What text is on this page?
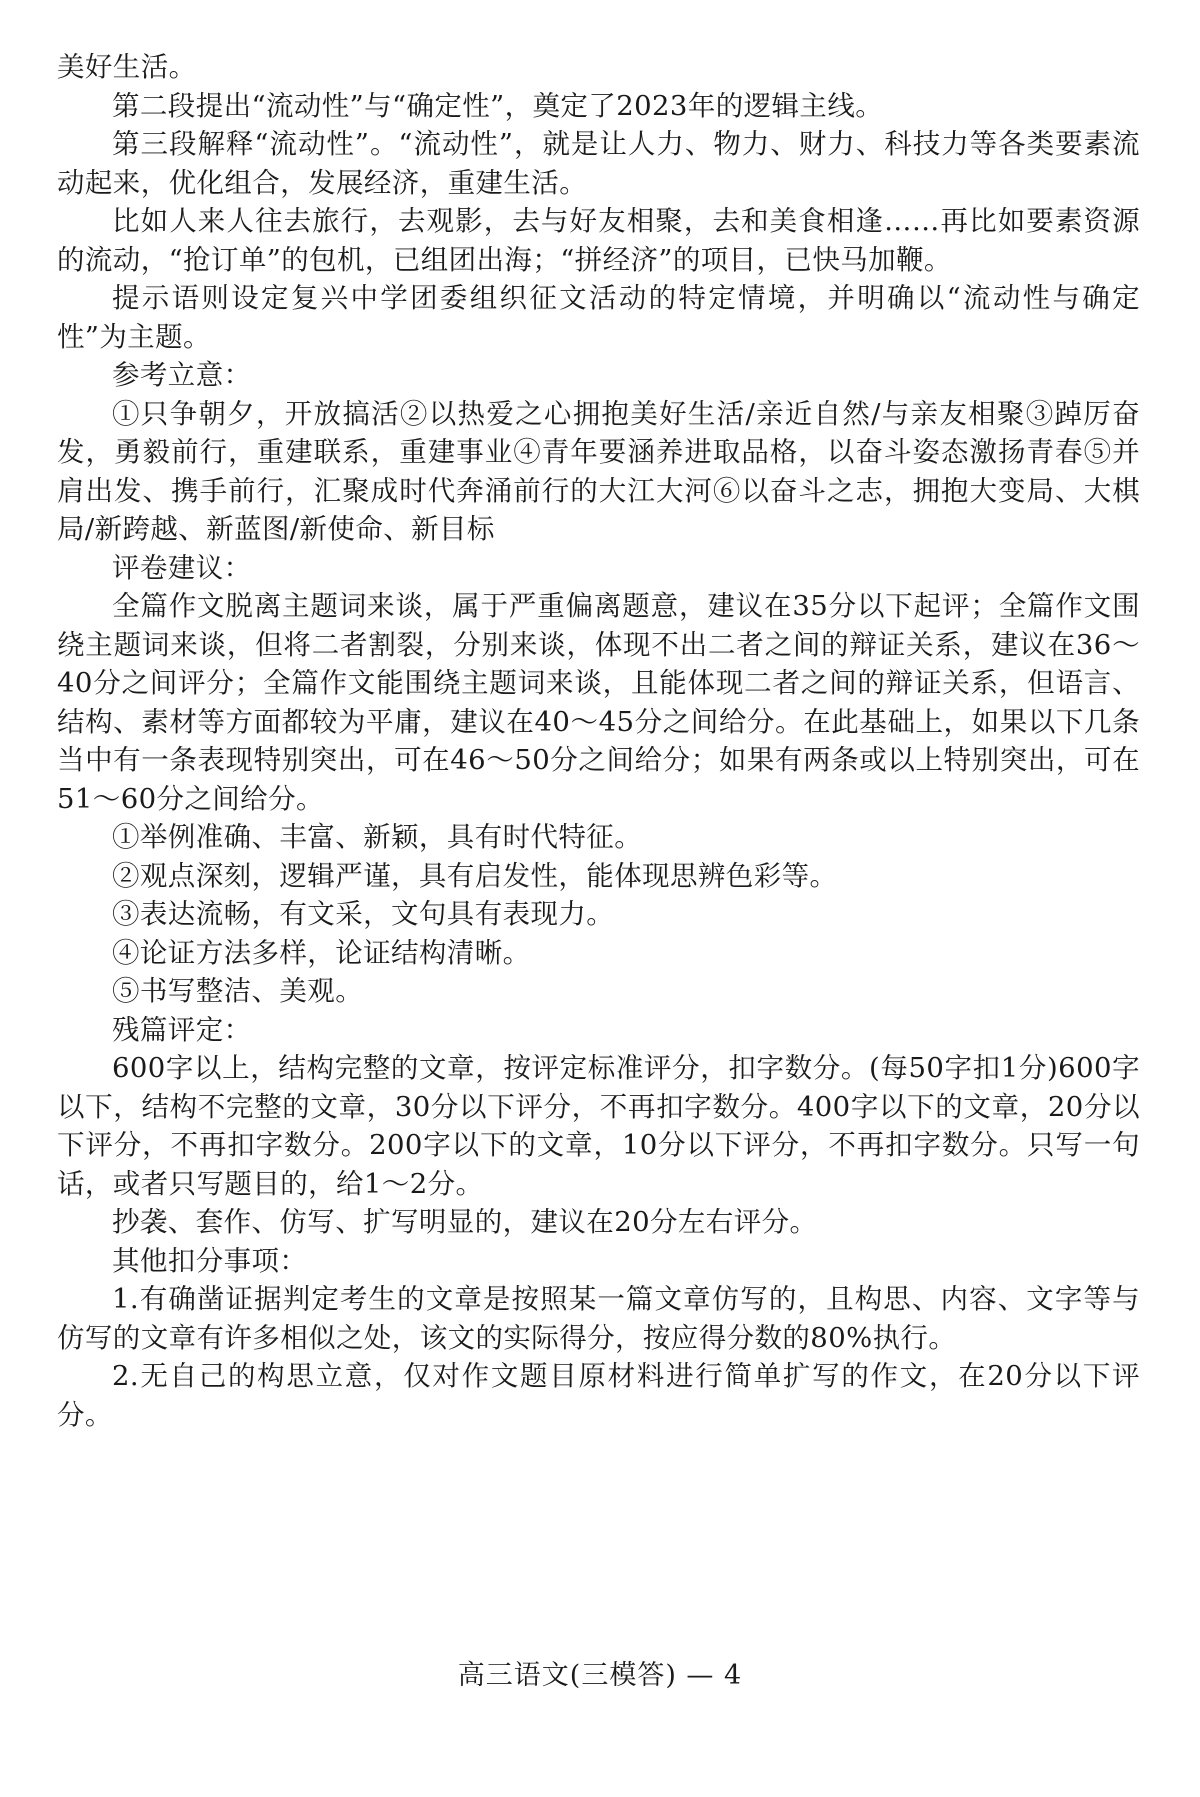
美好生活。

第二段提出“流动性”与“确定性”，奠定了2023年的逻辑主线。

第三段解释“流动性”。“流动性”，就是让人力、物力、财力、科技力等各类要素流动起来，优化组合，发展经济，重建生活。

比如人来人往去旅行，去观影，去与好友相聚，去和美食相逢……再比如要素资源的流动，“抢订单”的包机，已组团出海；“拼经济”的项目，已快马加鞭。

提示语则设定复兴中学团委组织征文活动的特定情境，并明确以“流动性与确定性”为主题。

参考立意：

①只争朝夕，开放搞活②以热爱之心拥抱美好生活/亲近自然/与亲友相聚③踔厉奋发，勇毅前行，重建联系，重建事业④青年要涵养进取品格，以奋斗姿态激扬青春⑤并肩出发、携手前行，汇聚成时代奔涌前行的大江大河⑥以奋斗之志，拥抱大变局、大棋局/新跨越、新蓝图/新使命、新目标

评卷建议：

全篇作文脱离主题词来谈，属于严重偏离题意，建议在35分以下起评；全篇作文围绕主题词来谈，但将二者割裂，分别来谈，体现不出二者之间的辩证关系，建议在36～40分之间评分；全篇作文能围绕主题词来谈，且能体现二者之间的辩证关系，但语言、结构、素材等方面都较为平庸，建议在40～45分之间给分。在此基础上，如果以下几条当中有一条表现特别突出，可在46～50分之间给分；如果有两条或以上特别突出，可在51～60分之间给分。

①举例准确、丰富、新颖，具有时代特征。

②观点深刻，逻辑严谨，具有启发性，能体现思辨色彩等。

③表达流畅，有文采，文句具有表现力。

④论证方法多样，论证结构清晰。

⑤书写整洁、美观。

残篇评定：

600字以上，结构完整的文章，按评定标准评分，扣字数分。(每50字扣1分)600字以下，结构不完整的文章，30分以下评分，不再扣字数分。400字以下的文章，20分以下评分，不再扣字数分。200字以下的文章，10分以下评分，不再扣字数分。只写一句话，或者只写题目的，给1～2分。

抄袭、套作、仿写、扩写明显的，建议在20分左右评分。

其他扣分事项：

1.有确凿证据判定考生的文章是按照某一篇文章仿写的，且构思、内容、文字等与仿写的文章有许多相似之处，该文的实际得分，按应得分数的80%执行。

2.无自己的构思立意，仅对作文题目原材料进行简单扩写的作文，在20分以下评分。

高三语文(三模答) — 4
